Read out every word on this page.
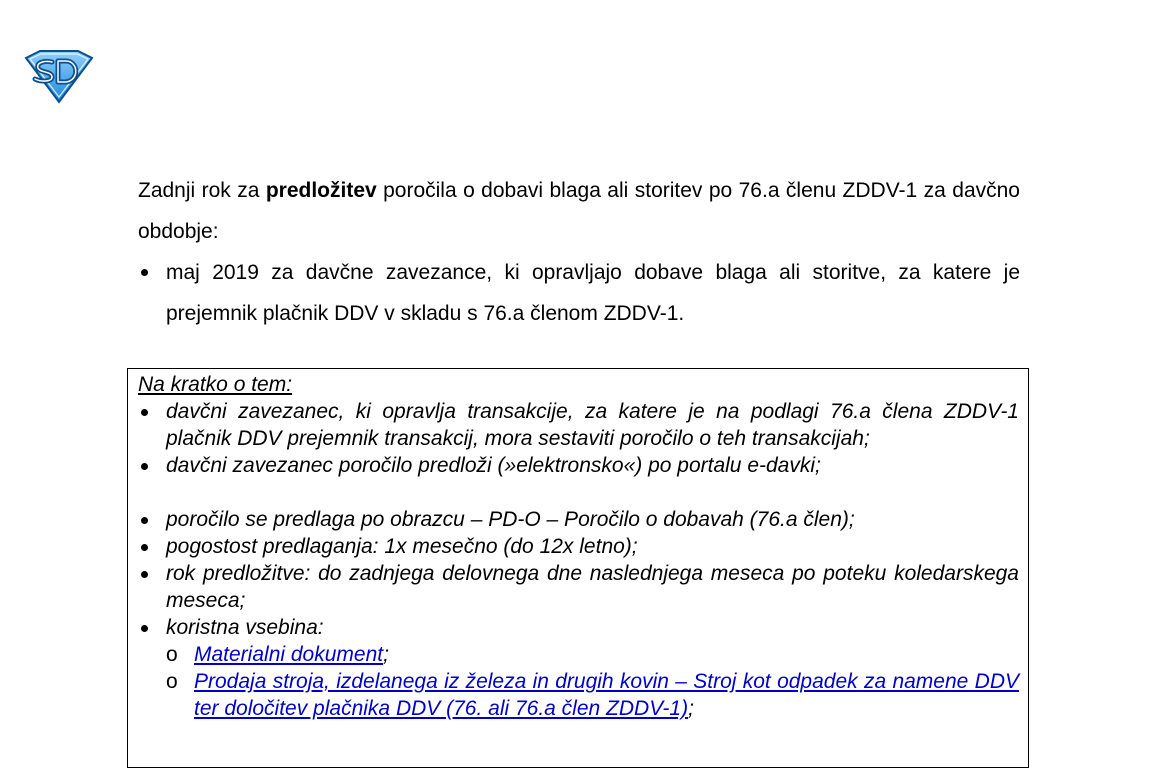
Zadnji rok za predložitev poročila o dobavi blaga ali storitev po 76.a členu ZDDV-1 za davčno obdobje:

maj 2019 za davčne zavezance, ki opravljajo dobave blaga ali storitve, za katere je prejemnik plačnik DDV v skladu s 76.a členom ZDDV-1.

Na kratko o tem:

davčni zavezanec, ki opravlja transakcije, za katere je na podlagi 76.a člena ZDDV-1 plačnik DDV prejemnik transakcij, mora sestaviti poročilo o teh transakcijah;
davčni zavezanec poročilo predloži (»elektronsko«) po portalu e-davki;
poročilo se predlaga po obrazcu – PD-O – Poročilo o dobavah (76.a člen);
pogostost predlaganja: 1x mesečno (do 12x letno);
rok predložitve: do zadnjega delovnega dne naslednjega meseca po poteku koledarskega meseca;
koristna vsebina:
o Materialni dokument;
o Prodaja stroja, izdelanega iz železa in drugih kovin – Stroj kot odpadek za namene DDV ter določitev plačnika DDV (76. ali 76.a člen ZDDV-1);
